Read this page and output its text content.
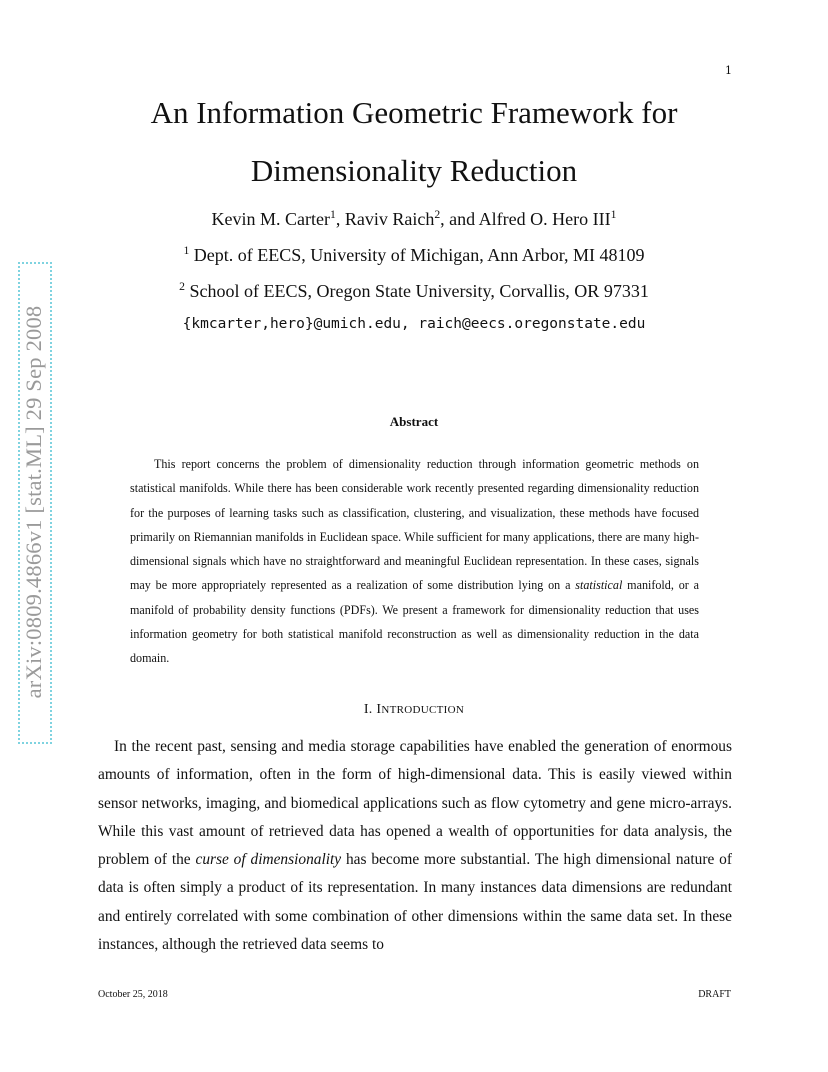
1
arXiv:0809.4866v1 [stat.ML] 29 Sep 2008
An Information Geometric Framework for
Dimensionality Reduction
Kevin M. Carter$^1$, Raviv Raich$^2$, and Alfred O. Hero III$^1$
$^1$ Dept. of EECS, University of Michigan, Ann Arbor, MI 48109
$^2$ School of EECS, Oregon State University, Corvallis, OR 97331
{kmcarter,hero}@umich.edu, raich@eecs.oregonstate.edu
Abstract
This report concerns the problem of dimensionality reduction through information geometric methods on statistical manifolds. While there has been considerable work recently presented regarding dimensionality reduction for the purposes of learning tasks such as classification, clustering, and visualization, these methods have focused primarily on Riemannian manifolds in Euclidean space. While sufficient for many applications, there are many high-dimensional signals which have no straightforward and meaningful Euclidean representation. In these cases, signals may be more appropriately represented as a realization of some distribution lying on a statistical manifold, or a manifold of probability density functions (PDFs). We present a framework for dimensionality reduction that uses information geometry for both statistical manifold reconstruction as well as dimensionality reduction in the data domain.
I. INTRODUCTION
In the recent past, sensing and media storage capabilities have enabled the generation of enormous amounts of information, often in the form of high-dimensional data. This is easily viewed within sensor networks, imaging, and biomedical applications such as flow cytometry and gene micro-arrays. While this vast amount of retrieved data has opened a wealth of opportunities for data analysis, the problem of the curse of dimensionality has become more substantial. The high dimensional nature of data is often simply a product of its representation. In many instances data dimensions are redundant and entirely correlated with some combination of other dimensions within the same data set. In these instances, although the retrieved data seems to
October 25, 2018	DRAFT
